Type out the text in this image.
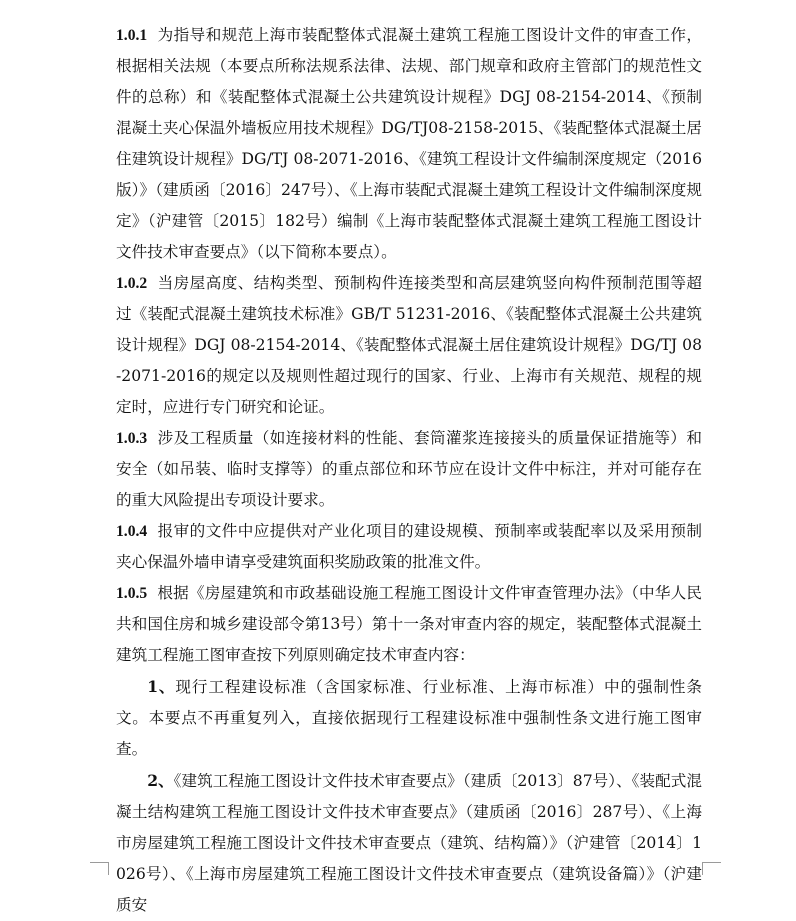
1.0.1 为指导和规范上海市装配整体式混凝土建筑工程施工图设计文件的审查工作，根据相关法规（本要点所称法规系法律、法规、部门规章和政府主管部门的规范性文件的总称）和《装配整体式混凝土公共建筑设计规程》DGJ 08-2154-2014、《预制混凝土夹心保温外墙板应用技术规程》DG/TJ08-2158-2015、《装配整体式混凝土居住建筑设计规程》DG/TJ 08-2071-2016、《建筑工程设计文件编制深度规定（2016版）》（建质函〔2016〕247号）、《上海市装配式混凝土建筑工程设计文件编制深度规定》（沪建管〔2015〕182号）编制《上海市装配整体式混凝土建筑工程施工图设计文件技术审查要点》（以下简称本要点）。

1.0.2 当房屋高度、结构类型、预制构件连接类型和高层建筑竖向构件预制范围等超过《装配式混凝土建筑技术标准》GB/T 51231-2016、《装配整体式混凝土公共建筑设计规程》DGJ 08-2154-2014、《装配整体式混凝土居住建筑设计规程》DG/TJ 08-2071-2016的规定以及规则性超过现行的国家、行业、上海市有关规范、规程的规定时，应进行专门研究和论证。

1.0.3 涉及工程质量（如连接材料的性能、套筒灌浆连接接头的质量保证措施等）和安全（如吊装、临时支撑等）的重点部位和环节应在设计文件中标注，并对可能存在的重大风险提出专项设计要求。

1.0.4 报审的文件中应提供对产业化项目的建设规模、预制率或装配率以及采用预制夹心保温外墙申请享受建筑面积奖励政策的批准文件。

1.0.5 根据《房屋建筑和市政基础设施工程施工图设计文件审查管理办法》（中华人民共和国住房和城乡建设部令第13号）第十一条对审查内容的规定，装配整体式混凝土建筑工程施工图审查按下列原则确定技术审查内容：

1、现行工程建设标准（含国家标准、行业标准、上海市标准）中的强制性条文。本要点不再重复列入，直接依据现行工程建设标准中强制性条文进行施工图审查。

2、《建筑工程施工图设计文件技术审查要点》（建质〔2013〕87号）、《装配式混凝土结构建筑工程施工图设计文件技术审查要点》（建质函〔2016〕287号）、《上海市房屋建筑工程施工图设计文件技术审查要点（建筑、结构篇）》（沪建管〔2014〕1026号）、《上海市房屋建筑工程施工图设计文件技术审查要点（建筑设备篇）》（沪建质安
